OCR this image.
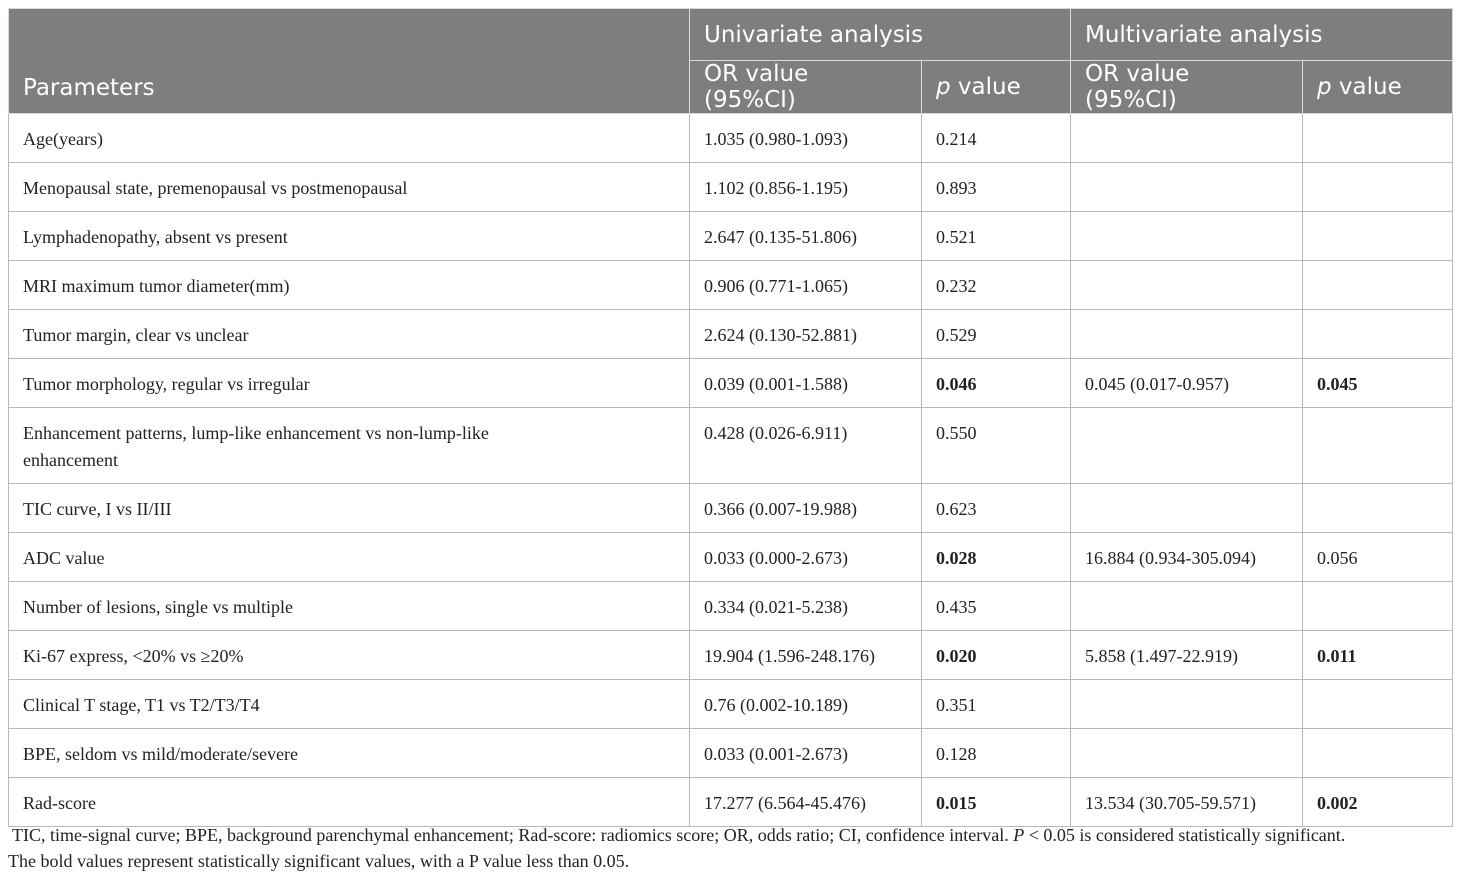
Parameters	Univariate analysis		Multivariate analysis	
	OR value (95%CI)	p value	OR value (95%CI)	p value
Age(years)	1.035 (0.980-1.093)	0.214		
Menopausal state, premenopausal vs postmenopausal	1.102 (0.856-1.195)	0.893		
Lymphadenopathy, absent vs present	2.647 (0.135-51.806)	0.521		
MRI maximum tumor diameter(mm)	0.906 (0.771-1.065)	0.232		
Tumor margin, clear vs unclear	2.624 (0.130-52.881)	0.529		
Tumor morphology, regular vs irregular	0.039 (0.001-1.588)	0.046	0.045 (0.017-0.957)	0.045

Enhancement patterns, lump-like enhancement vs non-lump-like enhancement	0.428 (0.026-6.911)	0.550		
TIC curve, I vs II/III	0.366 (0.007-19.988)	0.623		
ADC value	0.033 (0.000-2.673)	0.028	16.884 (0.934-305.094)	0.056
Number of lesions, single vs multiple	0.334 (0.021-5.238)	0.435		
Ki-67 express, <20% vs ≥20%	19.904 (1.596-248.176)	0.020	5.858 (1.497-22.919)	0.011
Clinical T stage, T1 vs T2/T3/T4	0.76 (0.002-10.189)	0.351		
BPE, seldom vs mild/moderate/severe	0.033 (0.001-2.673)	0.128		
Rad-score	17.277 (6.564-45.476)	0.015	13.534 (30.705-59.571)	0.002
TIC, time-signal curve; BPE, background parenchymal enhancement; Rad-score: radiomics score; OR, odds ratio; CI, confidence interval. P < 0.05 is considered statistically significant.
The bold values represent statistically significant values, with a P value less than 0.05.
